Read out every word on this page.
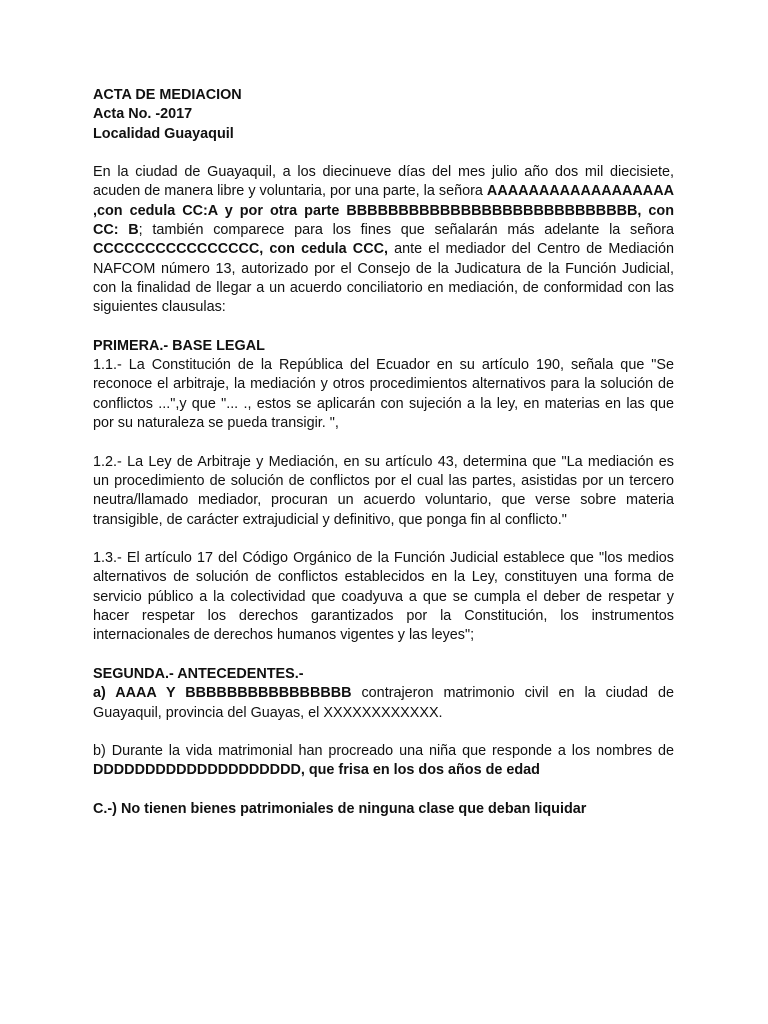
ACTA DE MEDIACION
Acta No. -2017
Localidad Guayaquil

En la ciudad de Guayaquil, a los diecinueve días del mes julio año dos mil diecisiete, acuden de manera libre y voluntaria, por una parte, la señora AAAAAAAAAAAAAAAAAA ,con cedula CC:A y por otra parte BBBBBBBBBBBBBBBBBBBBBBBBBBBB, con CC: B; también comparece para los fines que señalarán más adelante la señora CCCCCCCCCCCCCCCC, con cedula CCC, ante el mediador del Centro de Mediación NAFCOM número 13, autorizado por el Consejo de la Judicatura de la Función Judicial, con la finalidad de llegar a un acuerdo conciliatorio en mediación, de conformidad con las siguientes clausulas:

PRIMERA.- BASE LEGAL

1.1.- La Constitución de la República del Ecuador en su artículo 190, señala que "Se reconoce el arbitraje, la mediación y otros procedimientos alternativos para la solución de conflictos ...",y que "... ., estos se aplicarán con sujeción a la ley, en materias en las que por su naturaleza se pueda transigir. ",

1.2.- La Ley de Arbitraje y Mediación, en su artículo 43, determina que "La mediación es un procedimiento de solución de conflictos por el cual las partes, asistidas por un tercero neutra/llamado mediador, procuran un acuerdo voluntario, que verse sobre materia transigible, de carácter extrajudicial y definitivo, que ponga fin al conflicto."

1.3.- El artículo 17 del Código Orgánico de la Función Judicial establece que "los medios alternativos de solución de conflictos establecidos en la Ley, constituyen una forma de servicio público a la colectividad que coadyuva a que se cumpla el deber de respetar y hacer respetar los derechos garantizados por la Constitución, los instrumentos internacionales de derechos humanos vigentes y las leyes";

SEGUNDA.- ANTECEDENTES.-

a) AAAA Y BBBBBBBBBBBBBBBB contrajeron matrimonio civil en la ciudad de Guayaquil, provincia del Guayas, el XXXXXXXXXXXX.

b) Durante la vida matrimonial han procreado una niña que responde a los nombres de DDDDDDDDDDDDDDDDDDDD, que frisa en los dos años de edad

C.-) No tienen bienes patrimoniales de ninguna clase que deban liquidar
